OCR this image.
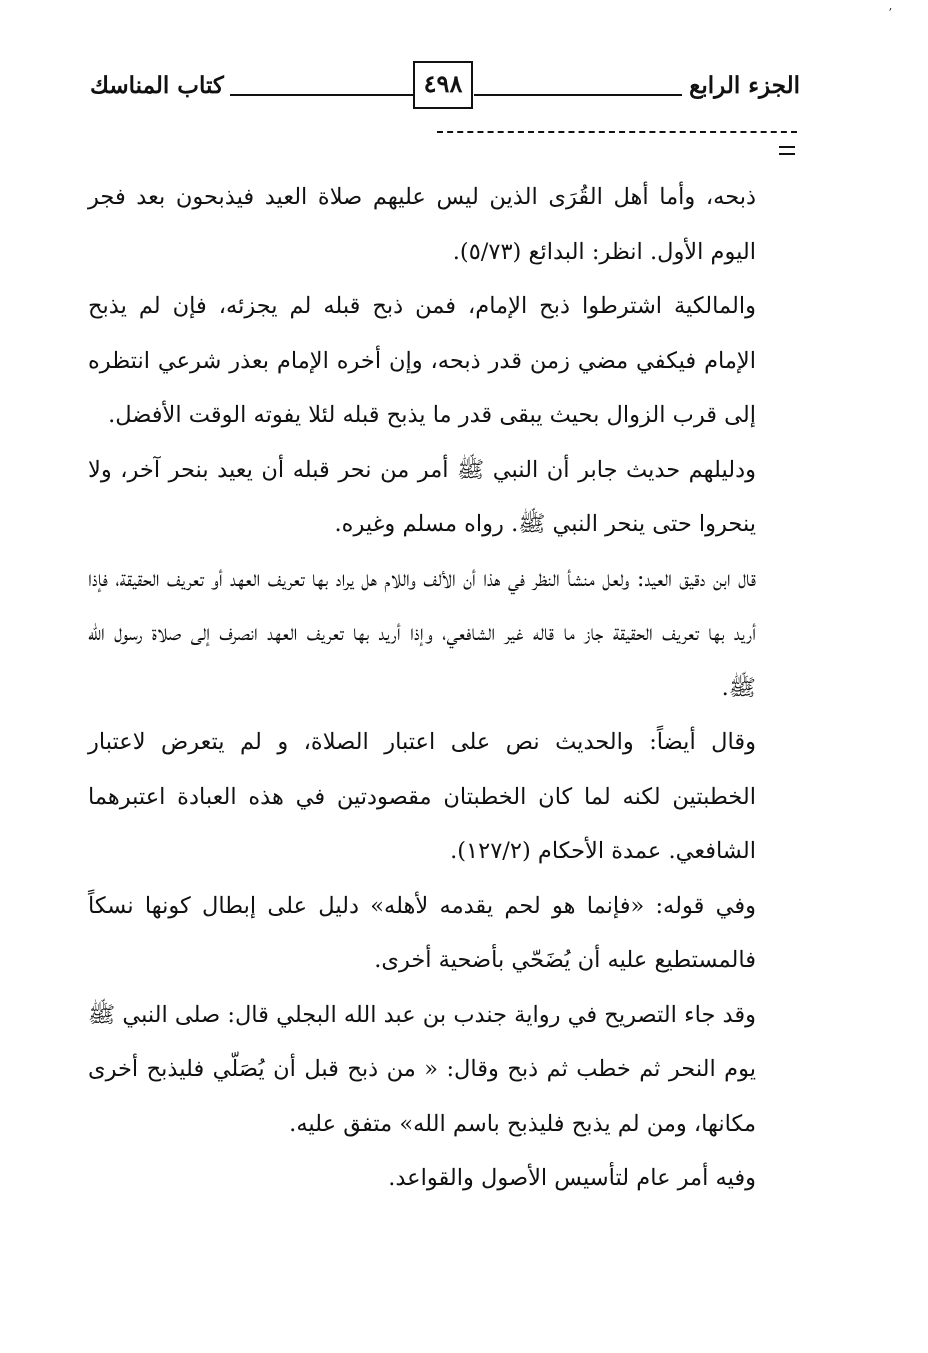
ʼ
الجزء الرابع
٤٩٨
كتاب المناسك

ذبحه، وأما أهل القُرَى الذين ليس عليهم صلاة العيد فيذبحون بعد فجر اليوم الأول. انظر: البدائع (٥/٧٣).

والمالكية اشترطوا ذبح الإمام، فمن ذبح قبله لم يجزئه، فإن لم يذبح الإمام فيكفي مضي زمن قدر ذبحه، وإن أخره الإمام بعذر شرعي انتظره إلى قرب الزوال بحيث يبقى قدر ما يذبح قبله لئلا يفوته الوقت الأفضل.

ودليلهم حديث جابر أن النبي ﷺ أمر من نحر قبله أن يعيد بنحر آخر، ولا ينحروا حتى ينحر النبي ﷺ. رواه مسلم وغيره.

قال ابن دقيق العيد: ولعل منشأ النظر في هذا أن الألف واللام هل يراد بها تعريف العهد أو تعريف الحقيقة، فإذا أريد بها تعريف الحقيقة جاز ما قاله غير الشافعي، وإذا أريد بها تعريف العهد انصرف إلى صلاة رسول الله ﷺ.

وقال أيضاً: والحديث نص على اعتبار الصلاة، و لم يتعرض لاعتبار الخطبتين لكنه لما كان الخطبتان مقصودتين في هذه العبادة اعتبرهما الشافعي. عمدة الأحكام (١٢٧/٢).

وفي قوله: «فإنما هو لحم يقدمه لأهله» دليل على إبطال كونها نسكاً فالمستطيع عليه أن يُضَحّي بأضحية أخرى.

وقد جاء التصريح في رواية جندب بن عبد الله البجلي قال: صلى النبي ﷺ يوم النحر ثم خطب ثم ذبح وقال: « من ذبح قبل أن يُصَلّي فليذبح أخرى مكانها، ومن لم يذبح فليذبح باسم الله» متفق عليه.

وفيه أمر عام لتأسيس الأصول والقواعد.
